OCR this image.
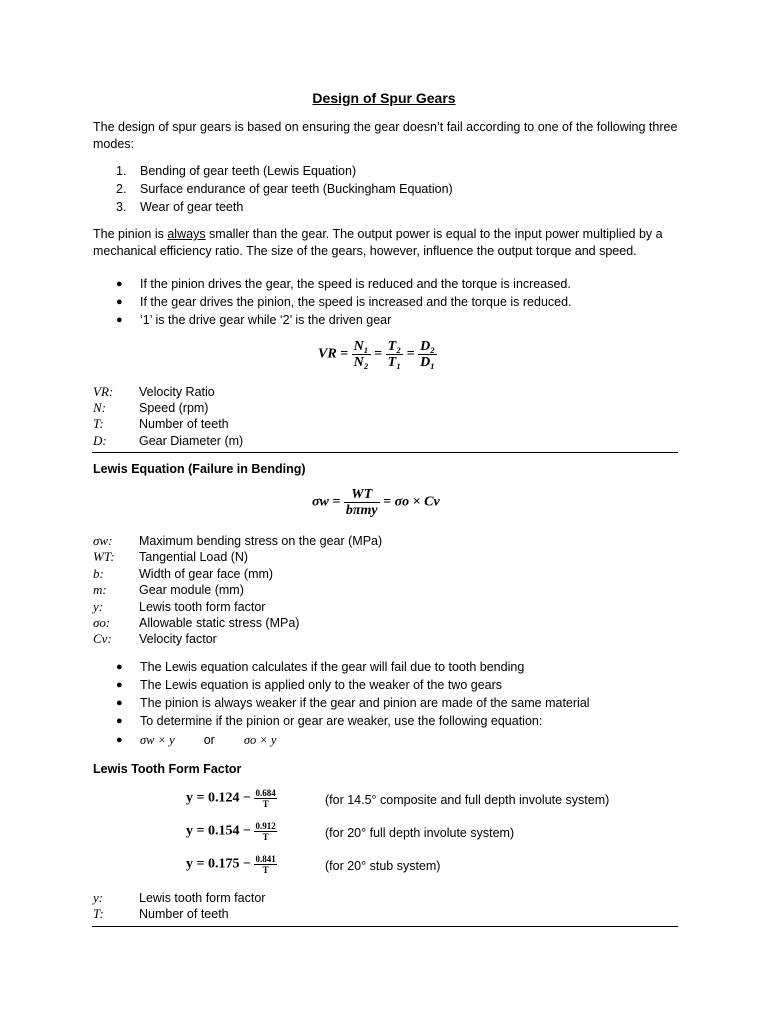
Design of Spur Gears
The design of spur gears is based on ensuring the gear doesn’t fail according to one of the following three modes:
1. Bending of gear teeth (Lewis Equation)
2. Surface endurance of gear teeth (Buckingham Equation)
3. Wear of gear teeth
The pinion is always smaller than the gear. The output power is equal to the input power multiplied by a mechanical efficiency ratio. The size of the gears, however, influence the output torque and speed.
● If the pinion drives the gear, the speed is reduced and the torque is increased.
● If the gear drives the pinion, the speed is increased and the torque is reduced.
● ‘1’ is the drive gear while ‘2’ is the driven gear
VR = $\frac{\text{N₁}}{\text{N₂}} = \frac{\text{T₂}}{\text{T₁}} = \frac{\text{D₂}}{\text{D₁}}$
VR: Velocity Ratio
N:	Speed (rpm)
T:	Number of teeth
D:	Gear Diameter (m)
Lewis Equation (Failure in Bending)
$\sigma w = \frac{WT}{\text{bπmy}} = \sigma o \times Cv$
σw: Maximum bending stress on the gear (MPa)
WT: Tangential Load (N)
b:	Width of gear face (mm)
m:	Gear module (mm)
y:	Lewis tooth form factor
σo: Allowable static stress (MPa)
Cv: Velocity factor
● The Lewis equation calculates if the gear will fail due to tooth bending
● The Lewis equation is applied only to the weaker of the two gears
● The pinion is always weaker if the gear and pinion are made of the same material
● To determine if the pinion or gear are weaker, use the following equation:
● σw × y or σo × y
Lewis Tooth Form Factor
$y = 0.124 - \frac{0.684}{T}$	(for 14.5° composite and full depth involute system)
$y = 0.154 - \frac{0.912}{T}$	(for 20° full depth involute system)
$y = 0.175 - \frac{0.841}{T}$	(for 20° stub system)
y:	Lewis tooth form factor
T:	Number of teeth
